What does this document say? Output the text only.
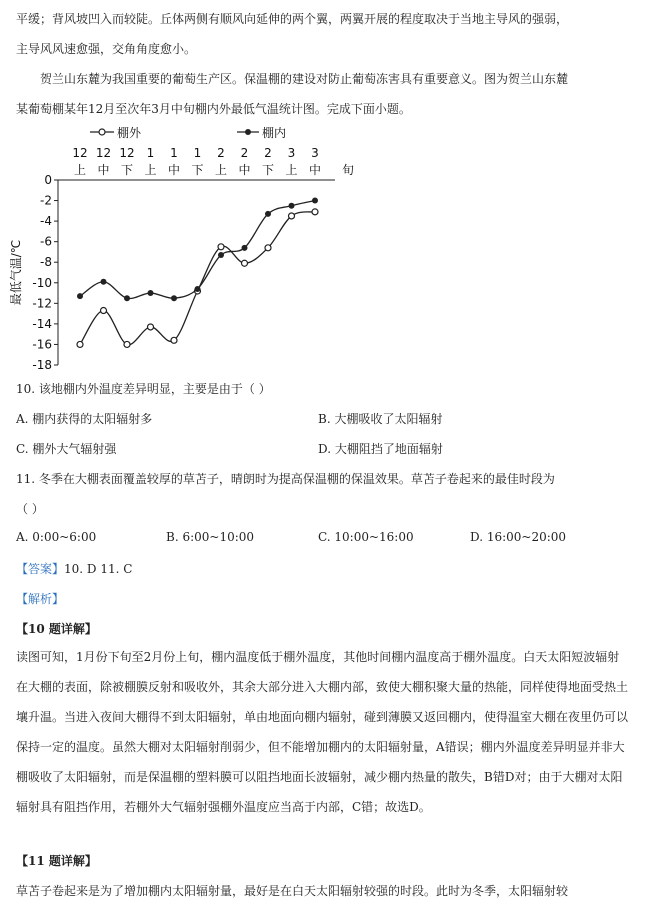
平缓；背风坡凹入而较陡。丘体两侧有顺风向延伸的两个翼，两翼开展的程度取决于当地主导风的强弱，
主导风风速愈强，交角角度愈小。
贺兰山东麓为我国重要的葡萄生产区。保温棚的建设对防止葡萄冻害具有重要意义。图为贺兰山东麓
某葡萄棚某年12月至次年3月中旬棚内外最低气温统计图。完成下面小题。
棚外	棚内
12 12 12 1 1 1 2 2 2 3 3
上 中 下 上 中 下 上 中 下 上 中 旬
0
-2
-4
-6
-8
-10
-12
-14
-16
-18
最低气温/℃
10. 该地棚内外温度差异明显，主要是由于（ ）
A. 棚内获得的太阳辐射多	B. 大棚吸收了太阳辐射
C. 棚外大气辐射强	D. 大棚阻挡了地面辐射
11. 冬季在大棚表面覆盖较厚的草苫子，晴朗时为提高保温棚的保温效果。草苫子卷起来的最佳时段为
（ ）
A. 0:00~6:00	B. 6:00~10:00	C. 10:00~16:00	D. 16:00~20:00
【答案】10. D 11. C
【解析】
【10 题详解】
读图可知，1月份下旬至2月份上旬，棚内温度低于棚外温度，其他时间棚内温度高于棚外温度。白天太阳短波辐射在大棚的表面，除被棚膜反射和吸收外，其余大部分进入大棚内部，致使大棚积聚大量的热能，同样使得地面受热土壤升温。当进入夜间大棚得不到太阳辐射，单由地面向棚内辐射，碰到薄膜又返回棚内，使得温室大棚在夜里仍可以保持一定的温度。虽然大棚对太阳辐射削弱少，但不能增加棚内的太阳辐射量，A错误；棚内外温度差异明显并非大棚吸收了太阳辐射，而是保温棚的塑料膜可以阻挡地面长波辐射，减少棚内热量的散失，B错D对；由于大棚对太阳辐射具有阻挡作用，若棚外大气辐射强棚外温度应当高于内部，C错；故选D。
【11 题详解】
草苫子卷起来是为了增加棚内太阳辐射量，最好是在白天太阳辐射较强的时段。此时为冬季，太阳辐射较
